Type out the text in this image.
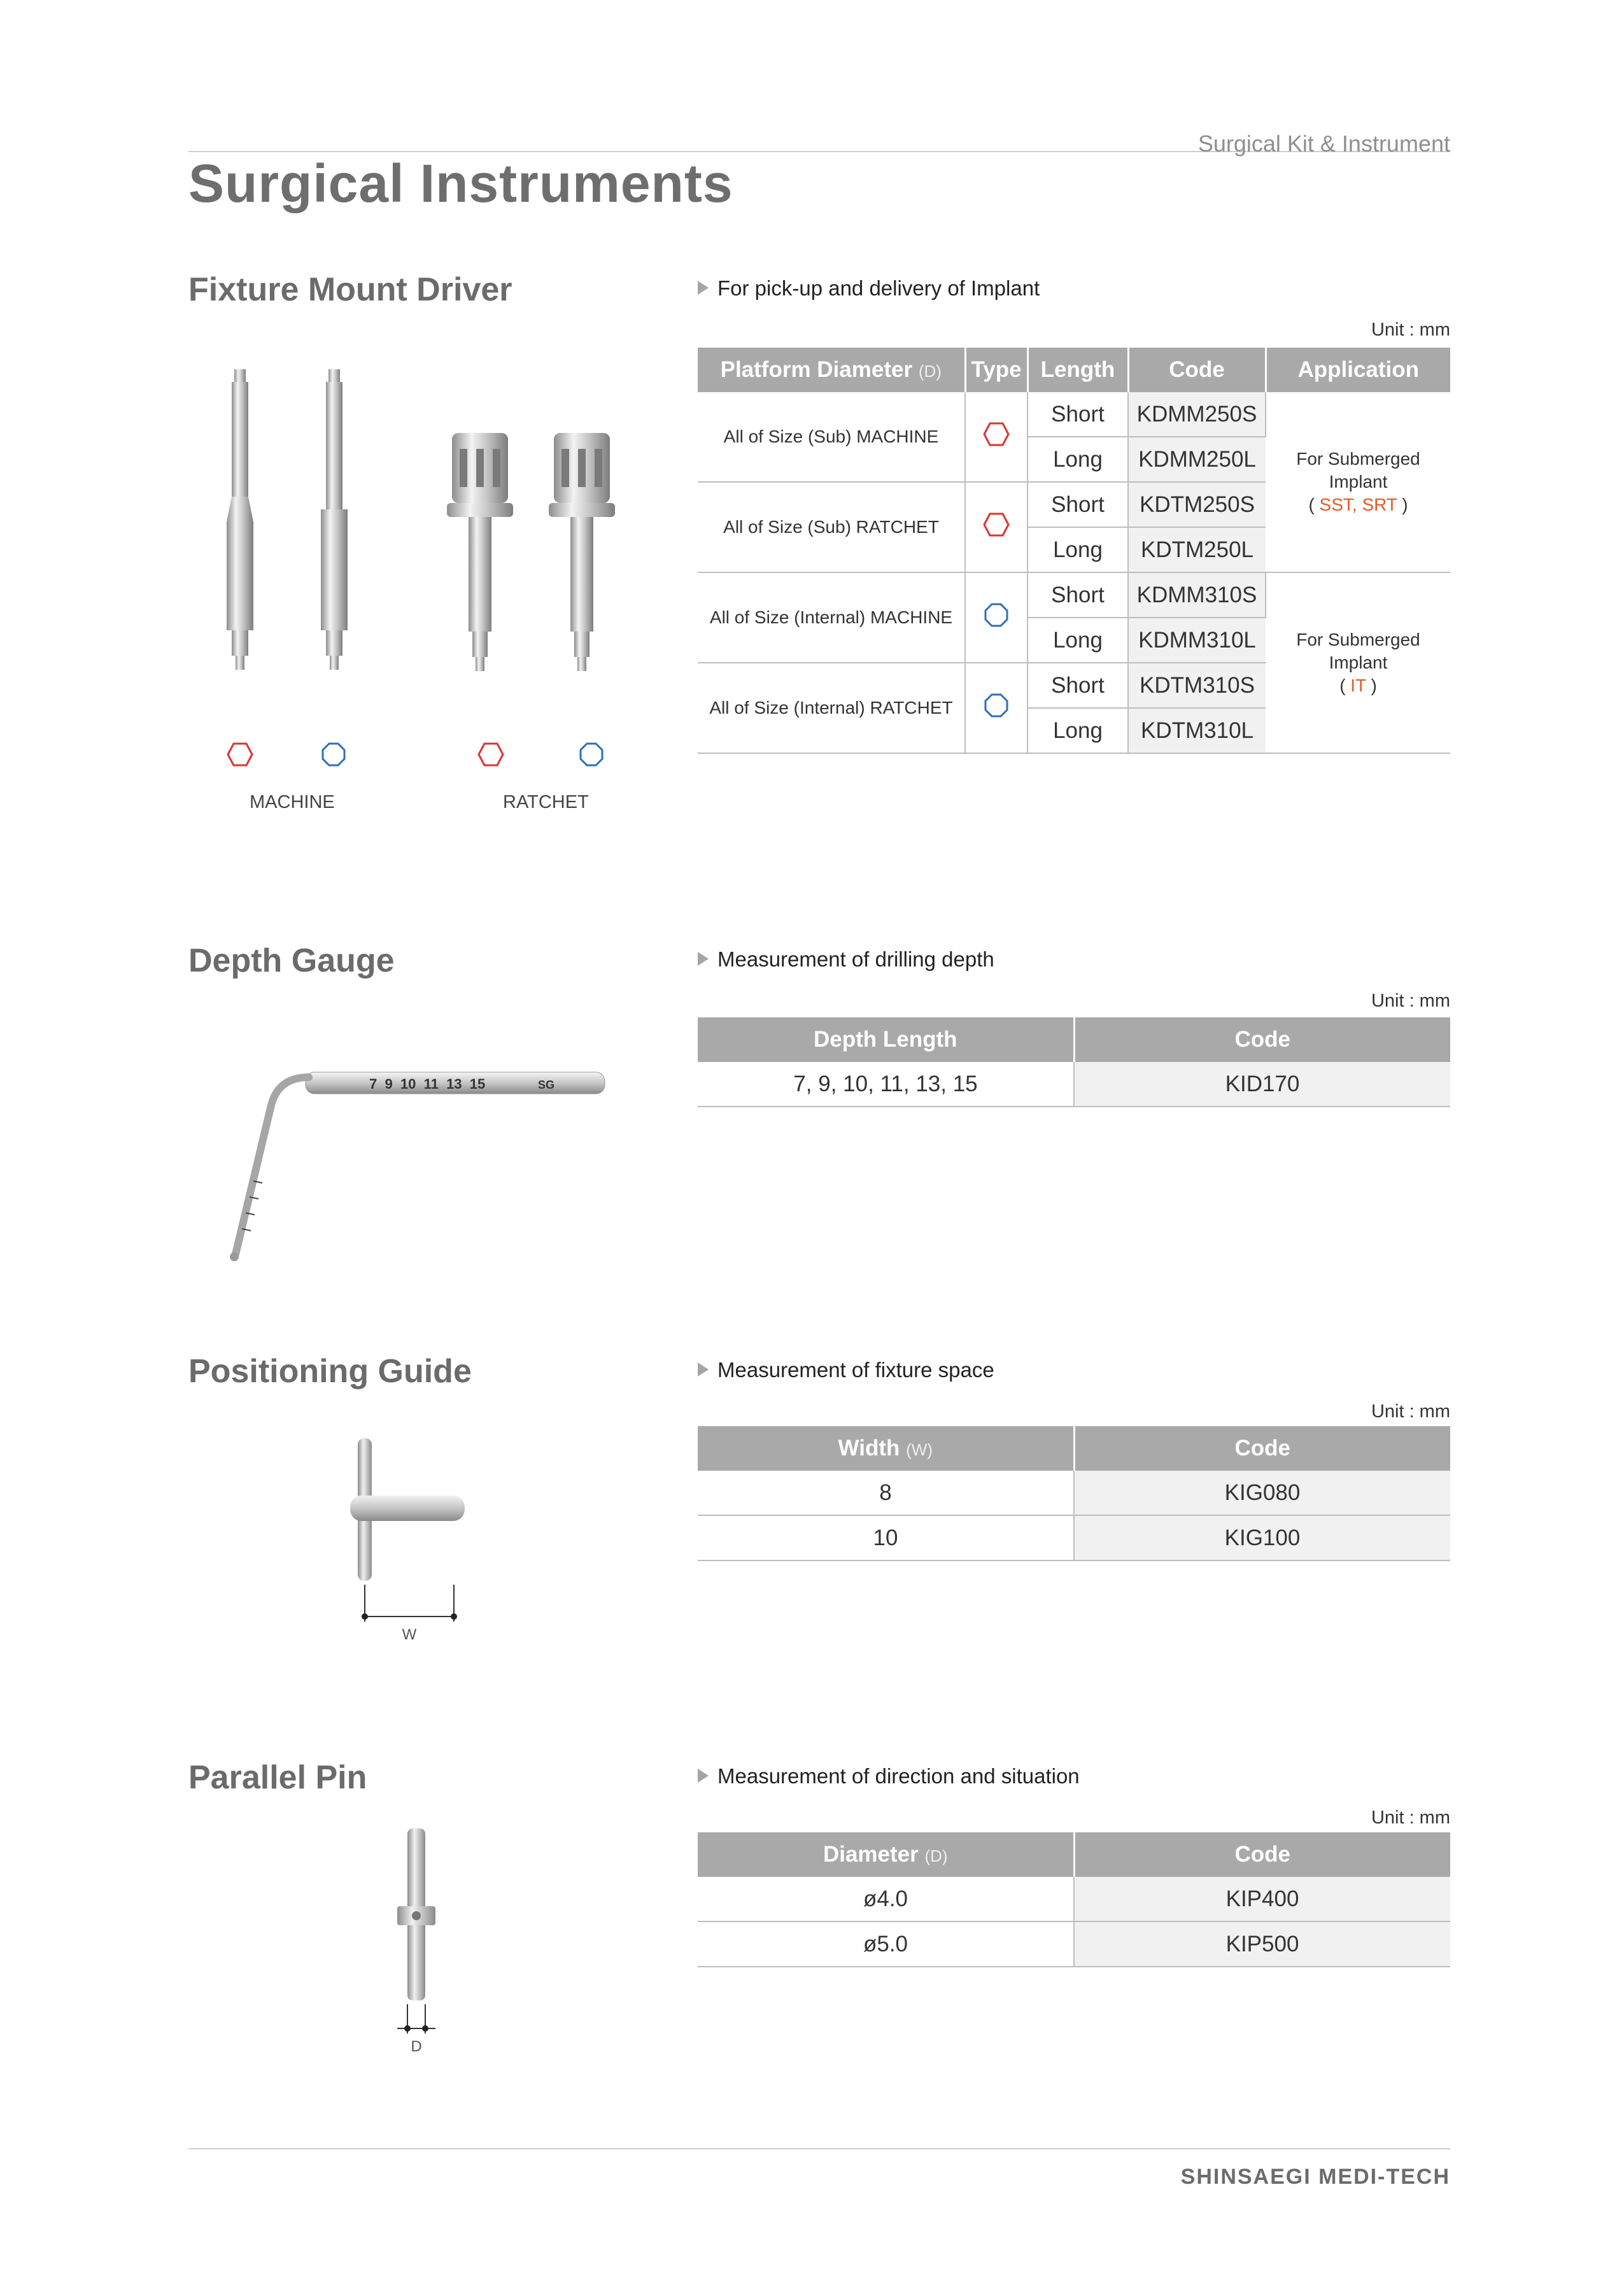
Surgical Kit & Instrument
Surgical Instruments
Fixture Mount Driver	For pick-up and delivery of Implant
Unit : mm
MACHINE	RATCHET
Platform Diameter (D)	Type	Length	Code	Application
All of Size (Sub) MACHINE		Short	KDMM250S	For Submerged Implant
( SST, SRT )
		Long	KDMM250L	
All of Size (Sub) RATCHET		Short	KDTM250S	
		Long	KDTM250L	
All of Size (Internal) MACHINE		Short	KDMM310S	For Submerged Implant
( IT )
		Long	KDMM310L	
All of Size (Internal) RATCHET		Short	KDTM310S	
		Long	KDTM310L	
Depth Gauge	Measurement of drilling depth
Unit : mm
7  9  10  11  13  15	SG
Depth Length	Code
7, 9, 10, 11, 13, 15	KID170
Positioning Guide	Measurement of fixture space
Unit : mm
W
Width (W)	Code
8	KIG080
10	KIG100
Parallel Pin	Measurement of direction and situation
Unit : mm
D
Diameter (D)	Code
ø4.0	KIP400
ø5.0	KIP500
SHINSAEGI MEDI-TECH
